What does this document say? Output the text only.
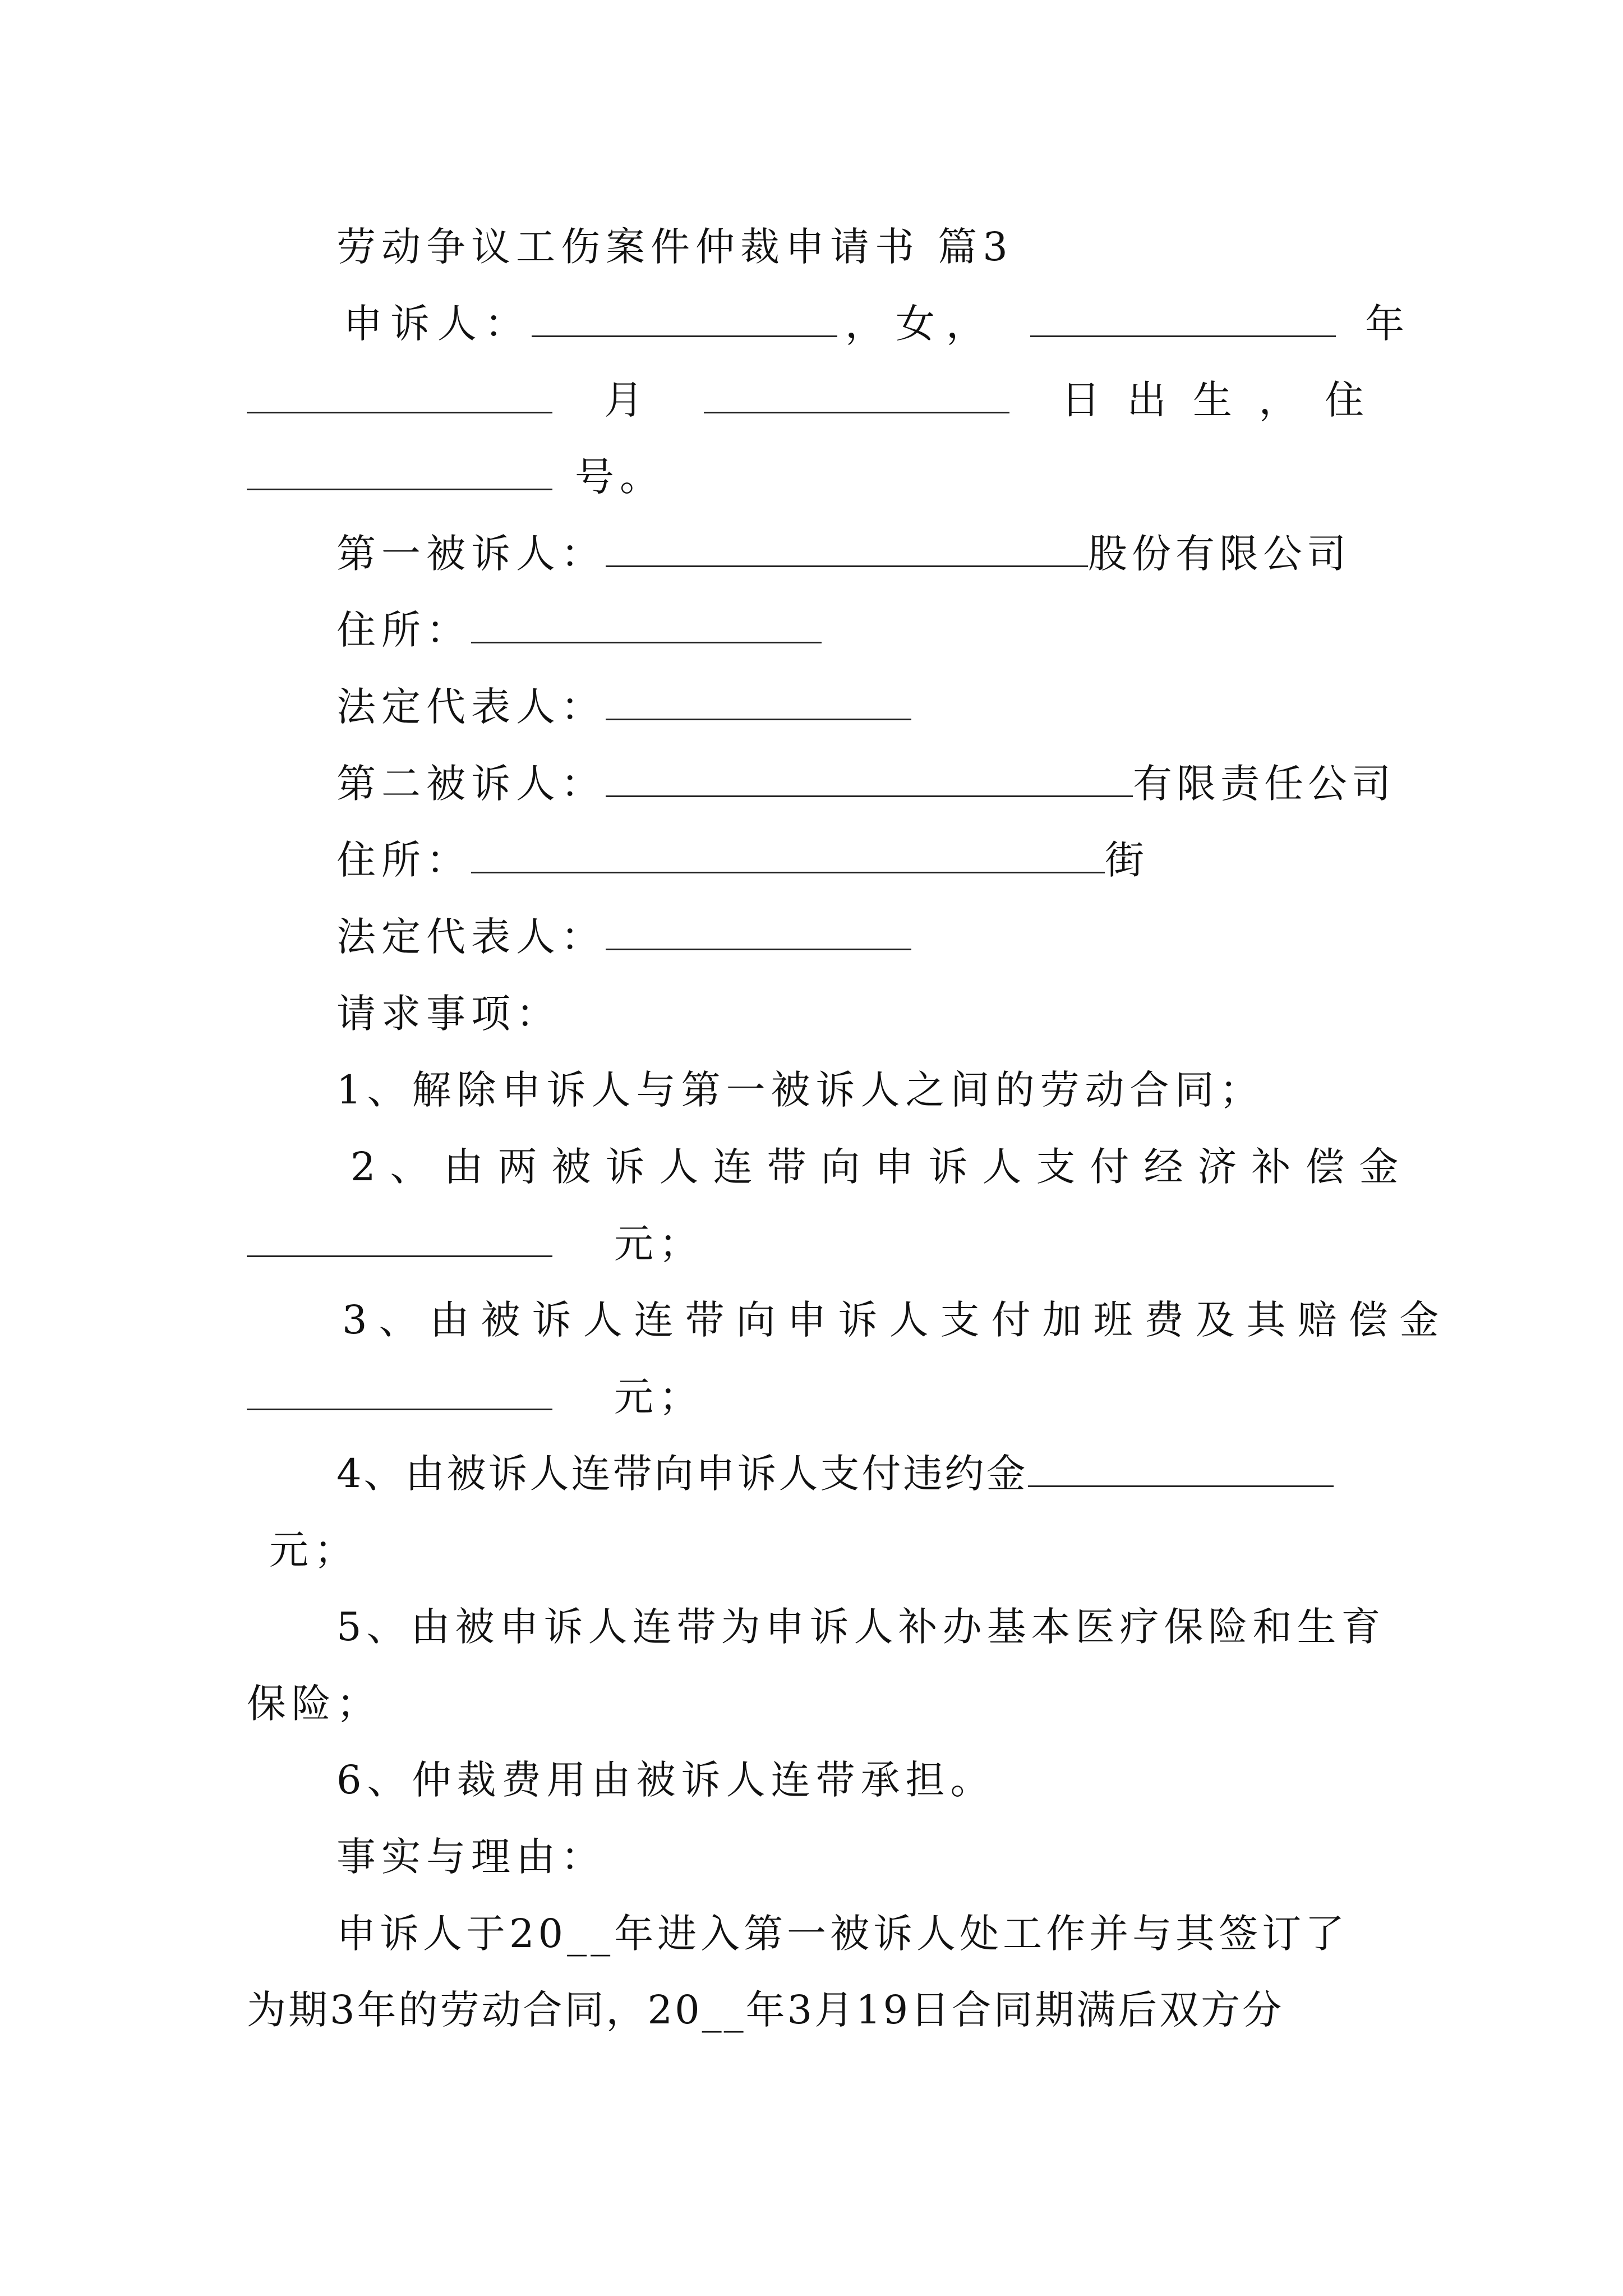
劳动争议工伤案件仲裁申请书 篇3
申诉人：	，女，	年
月	日 出 生 ， 住
号。
第一被诉人：	股份有限公司
住所：
法定代表人：
第二被诉人：	有限责任公司
住所：	街
法定代表人：
请求事项：
1、解除申诉人与第一被诉人之间的劳动合同；
2、由两被诉人连带向申诉人支付经济补偿金
元；
3、由被诉人连带向申诉人支付加班费及其赔偿金
元；
4、由被诉人连带向申诉人支付违约金
元；
5、由被申诉人连带为申诉人补办基本医疗保险和生育
保险；
6、仲裁费用由被诉人连带承担。
事实与理由：
申诉人于20__年进入第一被诉人处工作并与其签订了
为期3年的劳动合同，20__年3月19日合同期满后双方分
